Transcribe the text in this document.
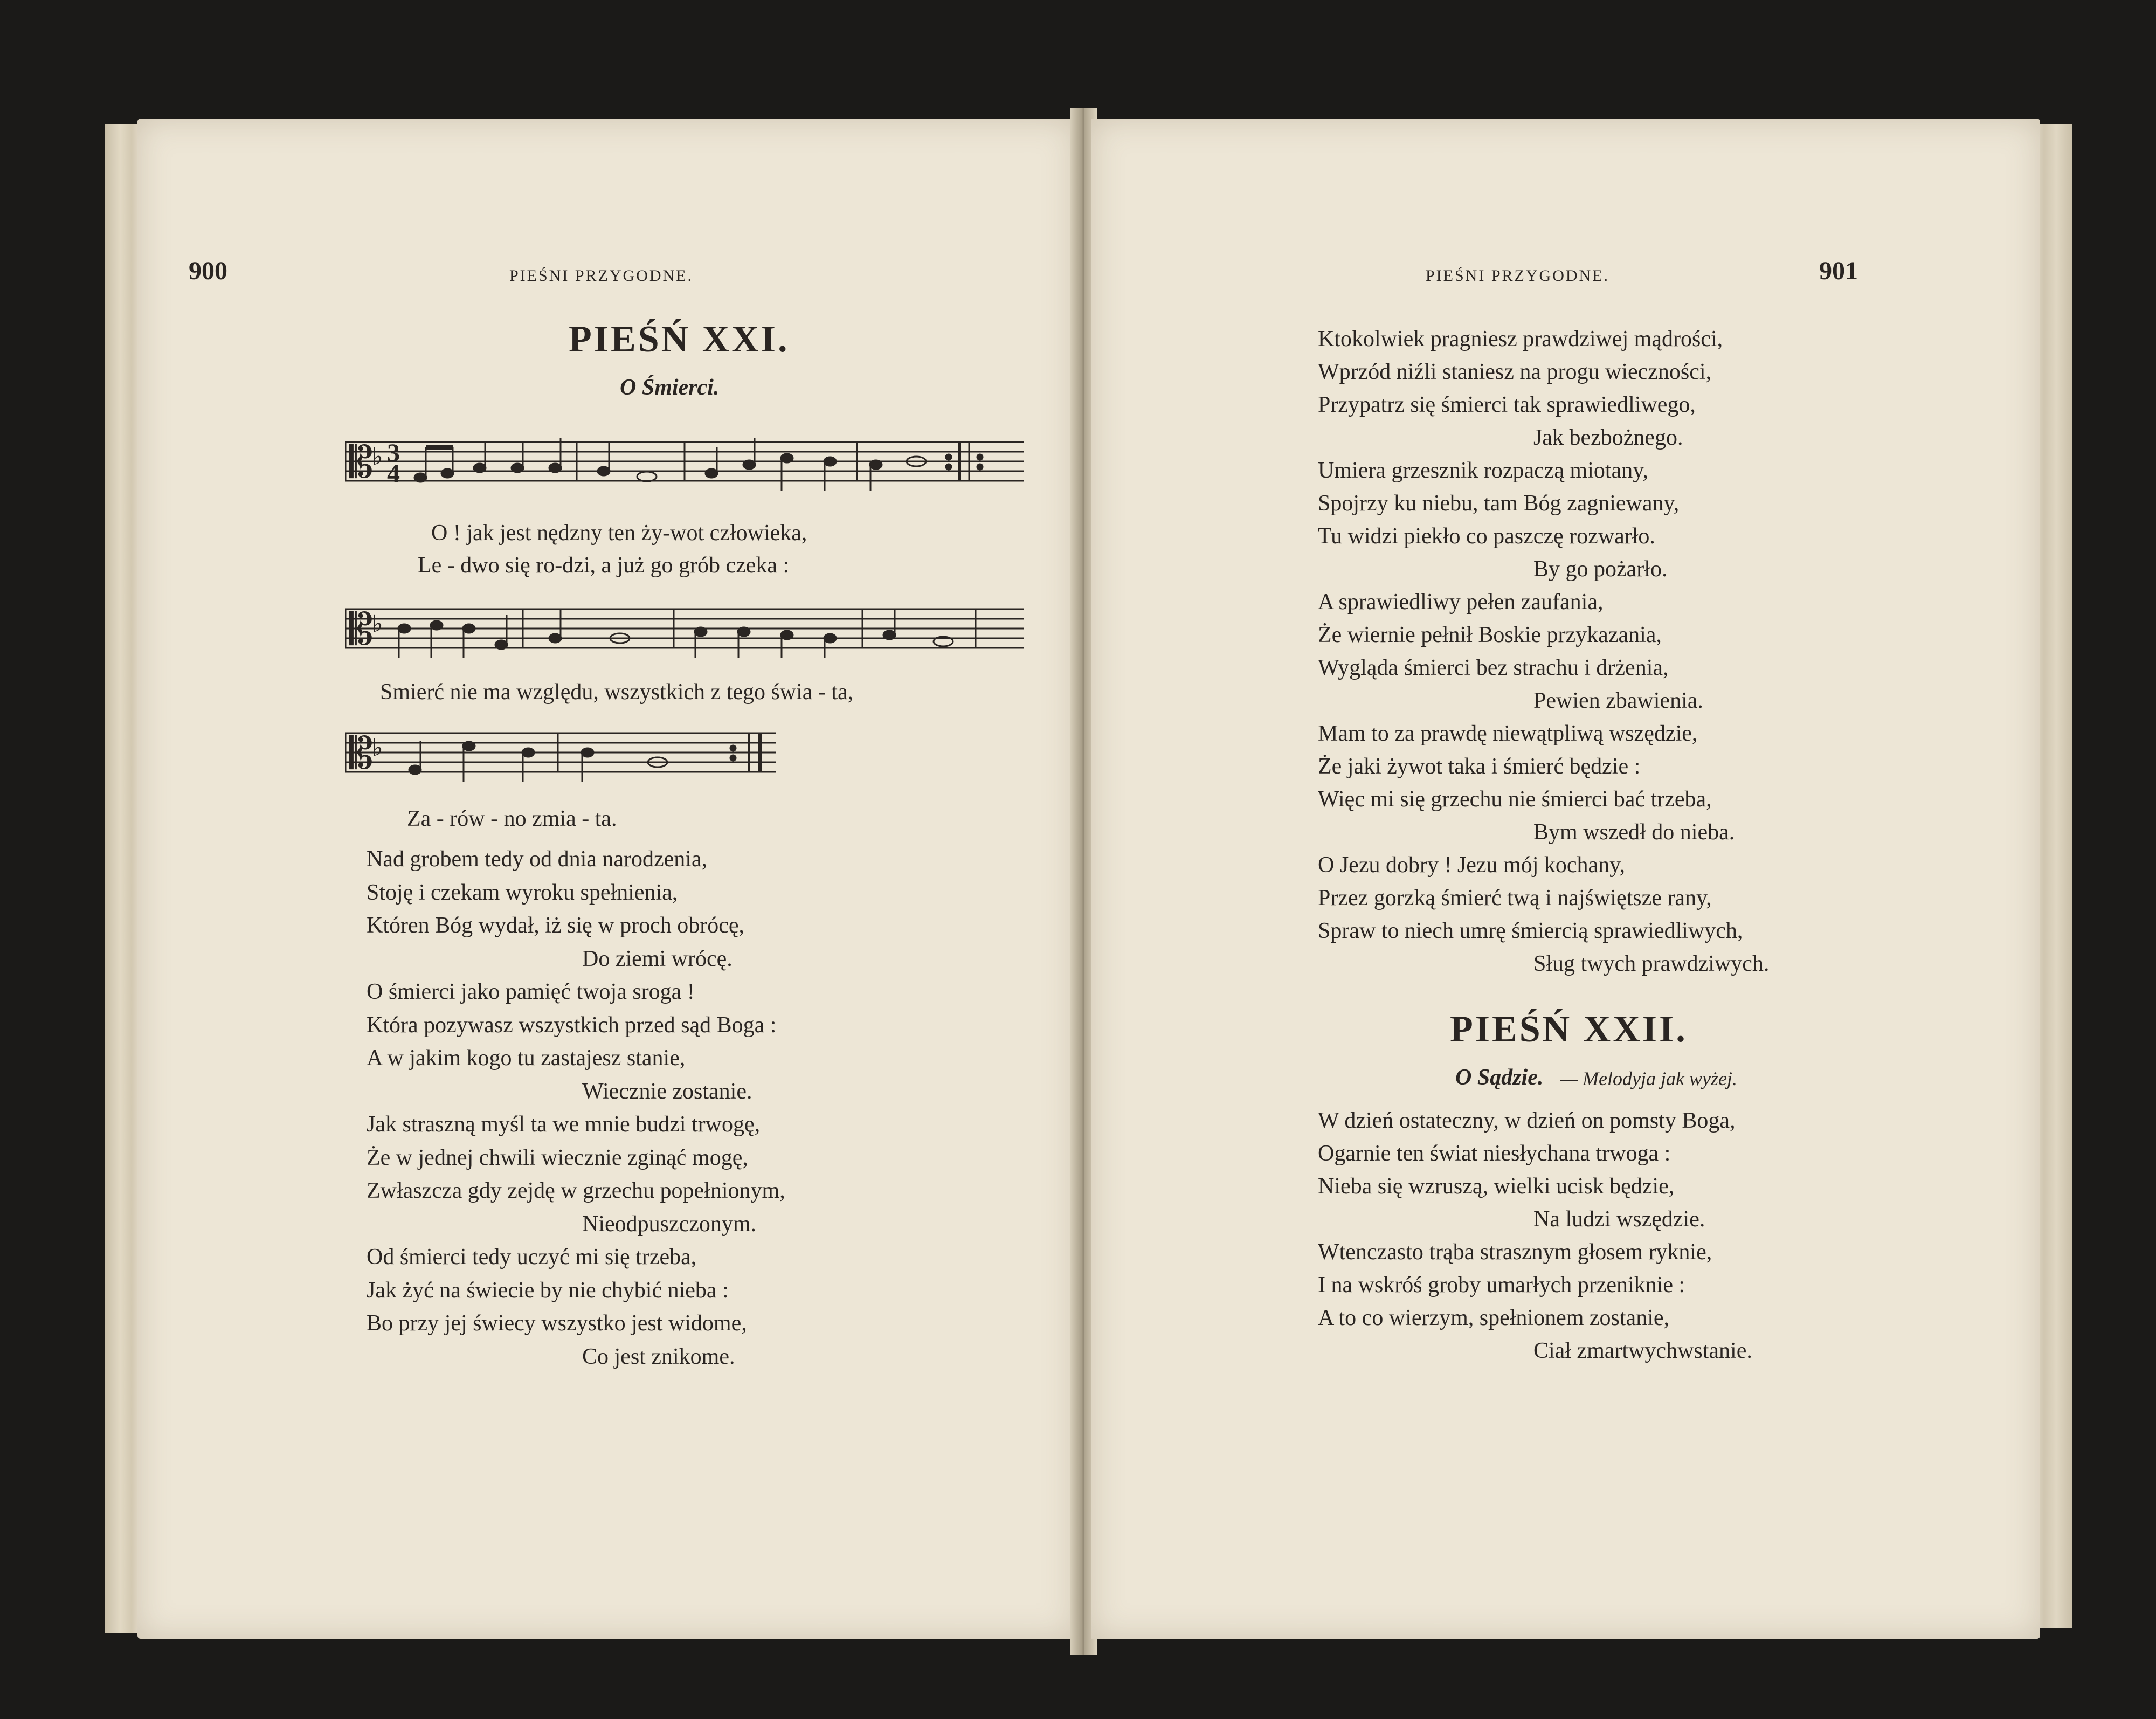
900	PIEŚNI PRZYGODNE.
PIEŚŃ XXI.
O Śmierci.
𝄡
♭ 3
4
O ! jak jest nędzny ten ży-wot człowieka,
Le - dwo się ro-dzi, a już go grób czeka :
𝄡
♭
Smierć nie ma względu, wszystkich z tego świa - ta,
𝄡
♭
Za - rów - no zmia - ta.
Nad grobem tedy od dnia narodzenia,
Stoję i czekam wyroku spełnienia,
Któren Bóg wydał, iż się w proch obrócę,
Do ziemi wrócę.
O śmierci jako pamięć twoja sroga !
Która pozywasz wszystkich przed sąd Boga :
A w jakim kogo tu zastajesz stanie,
Wiecznie zostanie.
Jak straszną myśl ta we mnie budzi trwogę,
Że w jednej chwili wiecznie zginąć mogę,
Zwłaszcza gdy zejdę w grzechu popełnionym,
Nieodpuszczonym.
Od śmierci tedy uczyć mi się trzeba,
Jak żyć na świecie by nie chybić nieba :
Bo przy jej świecy wszystko jest widome,
Co jest znikome.
PIEŚNI PRZYGODNE.	901
Ktokolwiek pragniesz prawdziwej mądrości,
Wprzód niźli staniesz na progu wieczności,
Przypatrz się śmierci tak sprawiedliwego,
Jak bezbożnego.
Umiera grzesznik rozpaczą miotany,
Spojrzy ku niebu, tam Bóg zagniewany,
Tu widzi piekło co paszczę rozwarło.
By go pożarło.
A sprawiedliwy pełen zaufania,
Że wiernie pełnił Boskie przykazania,
Wygląda śmierci bez strachu i drżenia,
Pewien zbawienia.
Mam to za prawdę niewątpliwą wszędzie,
Że jaki żywot taka i śmierć będzie :
Więc mi się grzechu nie śmierci bać trzeba,
Bym wszedł do nieba.
O Jezu dobry ! Jezu mój kochany,
Przez gorzką śmierć twą i najświętsze rany,
Spraw to niech umrę śmiercią sprawiedliwych,
Sług twych prawdziwych.
PIEŚŃ XXII.
O Sądzie. — Melodyja jak wyżej.
W dzień ostateczny, w dzień on pomsty Boga,
Ogarnie ten świat niesłychana trwoga :
Nieba się wzruszą, wielki ucisk będzie,
Na ludzi wszędzie.
Wtenczasto trąba strasznym głosem ryknie,
I na wskróś groby umarłych przeniknie :
A to co wierzym, spełnionem zostanie,
Ciał zmartwychwstanie.
